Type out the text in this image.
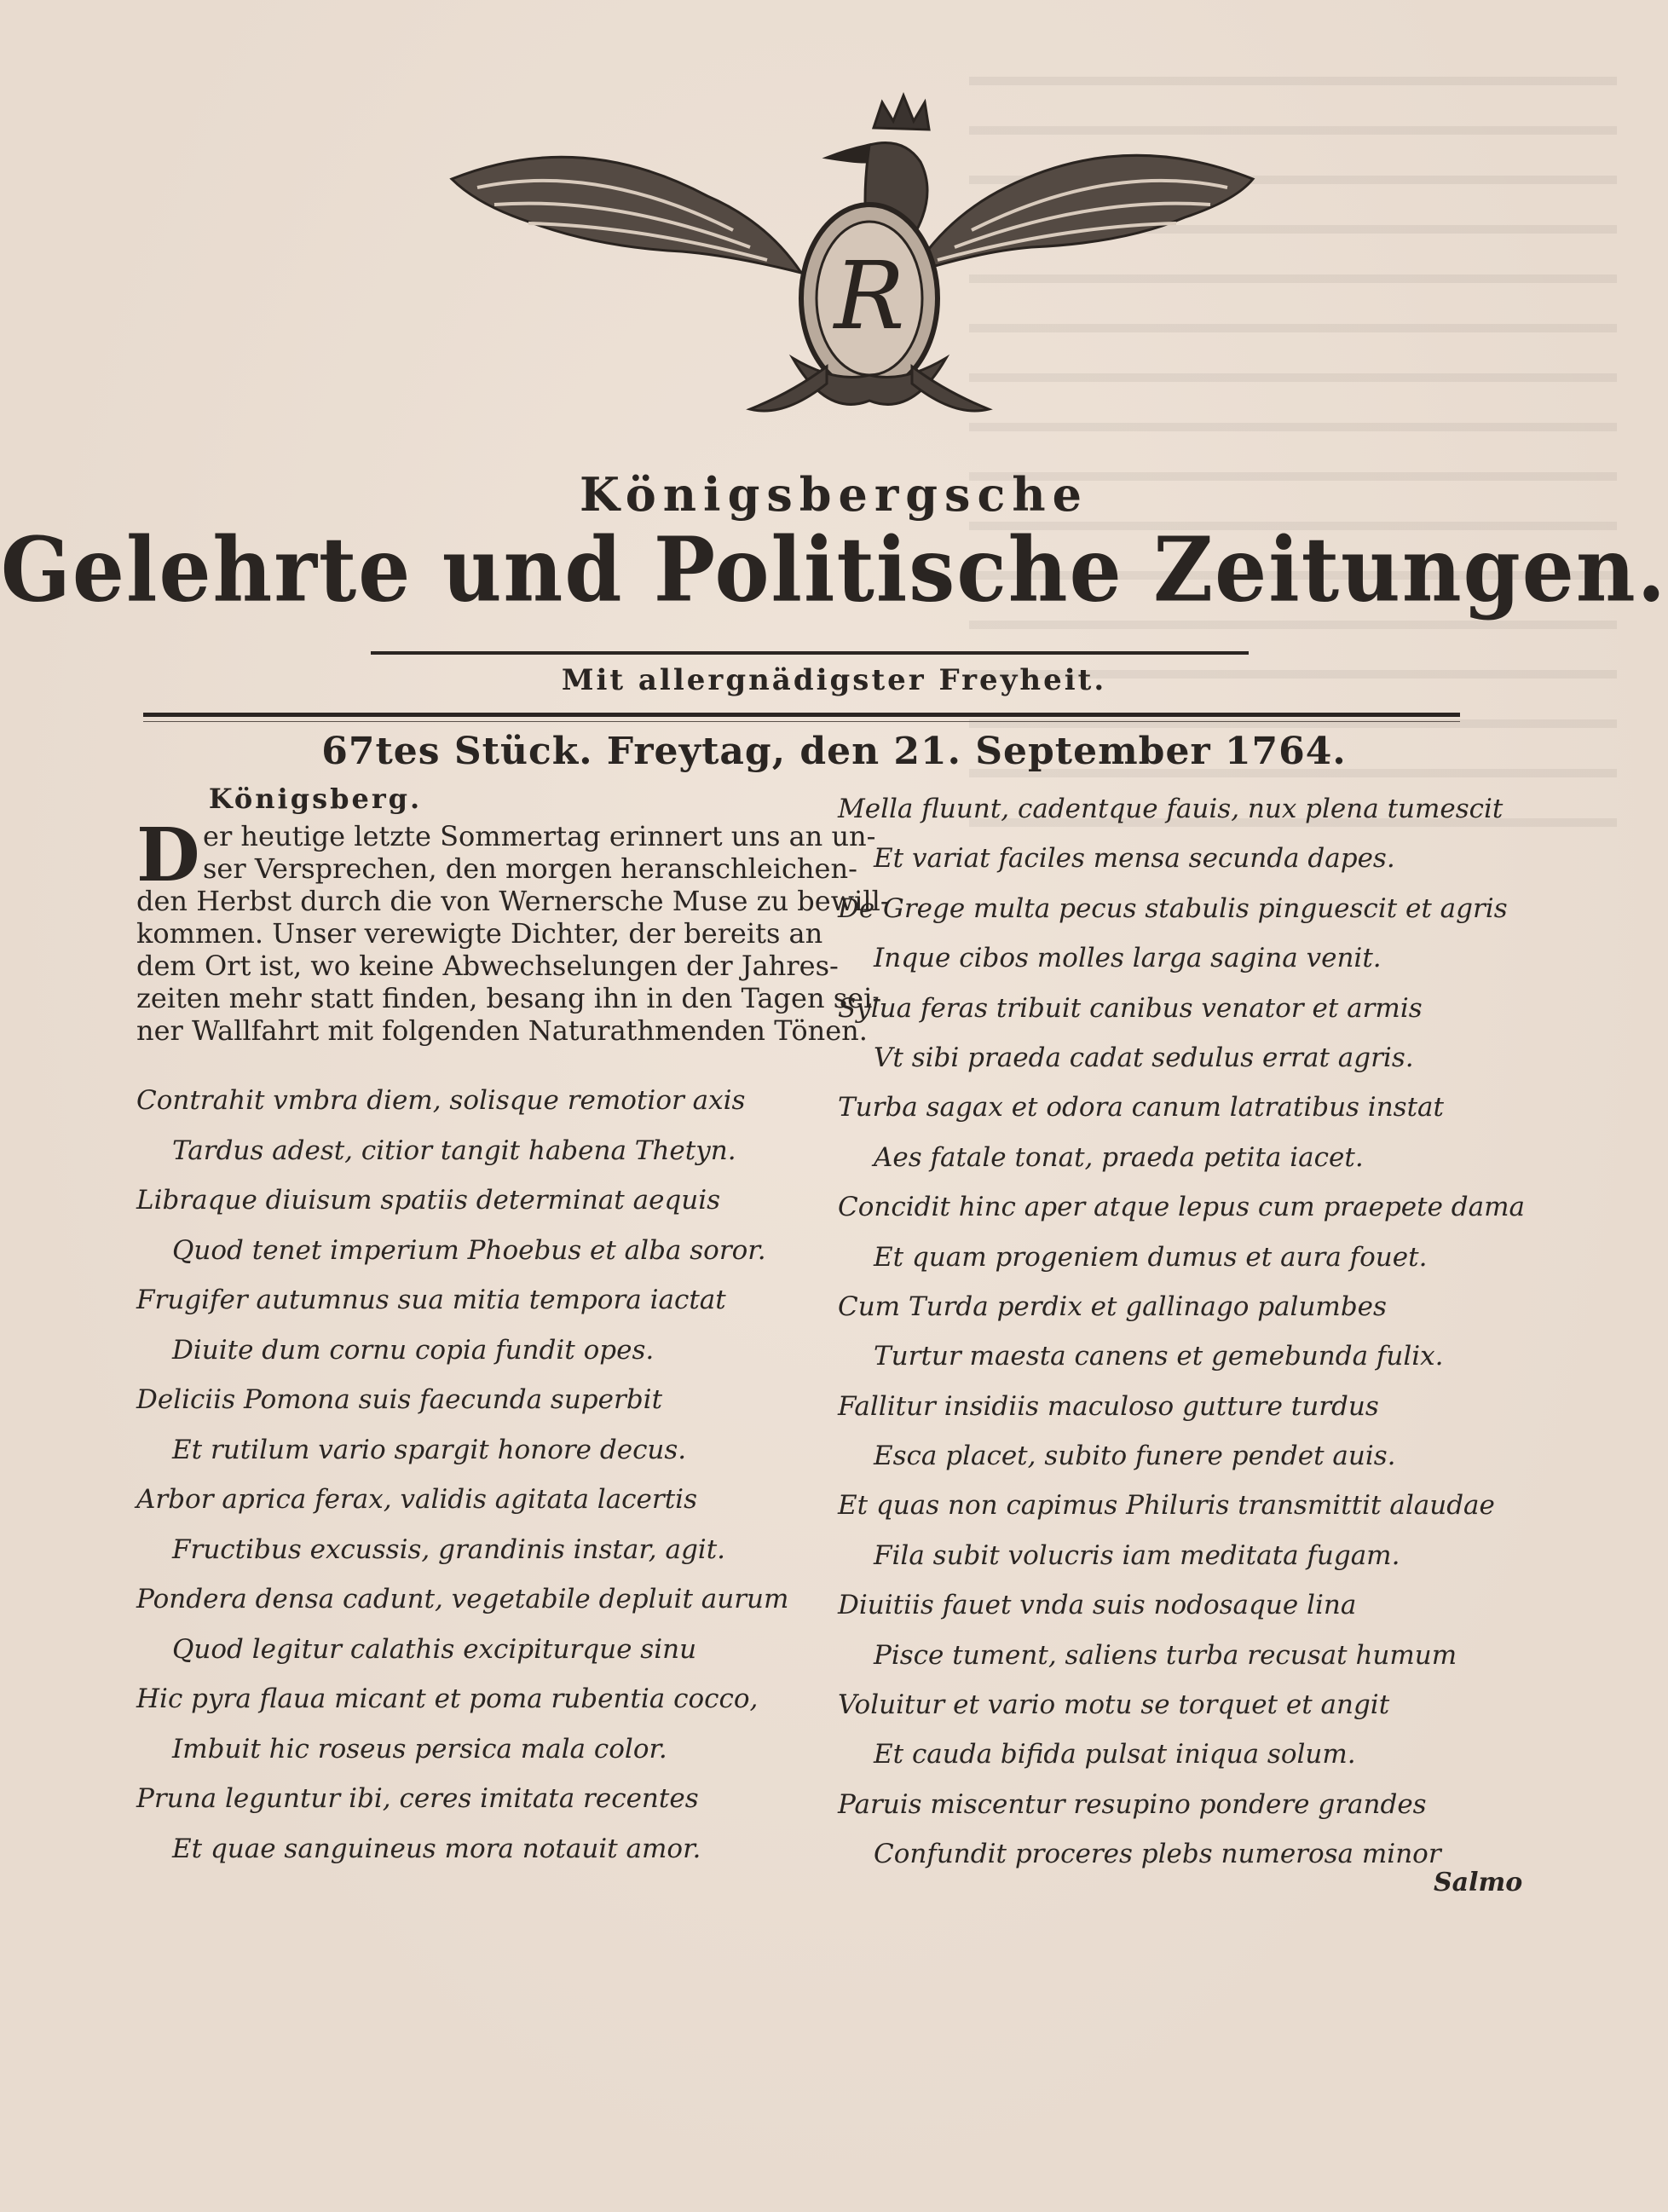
R
Königsbergsche
Gelehrte und Politische Zeitungen.
Mit allergnädigster Freyheit.
67tes Stück. Freytag, den 21. September 1764.
Königsberg.
D er heutige letzte Sommertag erinnert uns an un-
ser Versprechen, den morgen heranschleichen-
den Herbst durch die von Wernersche Muse zu bewill-
kommen. Unser verewigte Dichter, der bereits an
dem Ort ist, wo keine Abwechselungen der Jahres-
zeiten mehr statt finden, besang ihn in den Tagen sei-
ner Wallfahrt mit folgenden Naturathmenden Tönen.
Contrahit vmbra diem, solisque remotior axis
Tardus adest, citior tangit habena Thetyn.
Libraque diuisum spatiis determinat aequis
Quod tenet imperium Phoebus et alba soror.
Frugifer autumnus sua mitia tempora iactat
Diuite dum cornu copia fundit opes.
Deliciis Pomona suis faecunda superbit
Et rutilum vario spargit honore decus.
Arbor aprica ferax, validis agitata lacertis
Fructibus excussis, grandinis instar, agit.
Pondera densa cadunt, vegetabile depluit aurum
Quod legitur calathis excipiturque sinu
Hic pyra flaua micant et poma rubentia cocco,
Imbuit hic roseus persica mala color.
Pruna leguntur ibi, ceres imitata recentes
Et quae sanguineus mora notauit amor.
Mella fluunt, cadentque fauis, nux plena tumescit
Et variat faciles mensa secunda dapes.
De Grege multa pecus stabulis pinguescit et agris
Inque cibos molles larga sagina venit.
Sylua feras tribuit canibus venator et armis
Vt sibi praeda cadat sedulus errat agris.
Turba sagax et odora canum latratibus instat
Aes fatale tonat, praeda petita iacet.
Concidit hinc aper atque lepus cum praepete dama
Et quam progeniem dumus et aura fouet.
Cum Turda perdix et gallinago palumbes
Turtur maesta canens et gemebunda fulix.
Fallitur insidiis maculoso gutture turdus
Esca placet, subito funere pendet auis.
Et quas non capimus Philuris transmittit alaudae
Fila subit volucris iam meditata fugam.
Diuitiis fauet vnda suis nodosaque lina
Pisce tument, saliens turba recusat humum
Voluitur et vario motu se torquet et angit
Et cauda bifida pulsat iniqua solum.
Paruis miscentur resupino pondere grandes
Confundit proceres plebs numerosa minor
Salmo
